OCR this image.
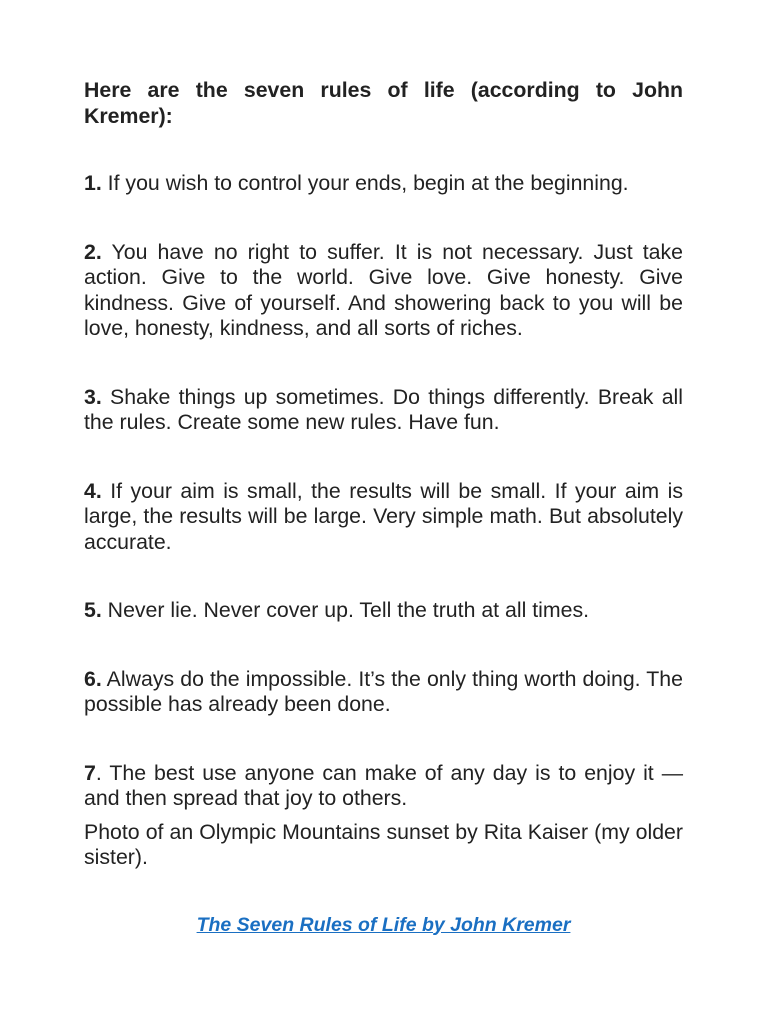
Here are the seven rules of life (according to John Kremer):

1. If you wish to control your ends, begin at the beginning.

2. You have no right to suffer. It is not necessary. Just take action. Give to the world. Give love. Give honesty. Give kindness. Give of yourself. And showering back to you will be love, honesty, kindness, and all sorts of riches.

3. Shake things up sometimes. Do things differently. Break all the rules. Create some new rules. Have fun.

4. If your aim is small, the results will be small. If your aim is large, the results will be large. Very simple math. But absolutely accurate.

5. Never lie. Never cover up. Tell the truth at all times.

6. Always do the impossible. It’s the only thing worth doing. The possible has already been done.

7. The best use anyone can make of any day is to enjoy it —and then spread that joy to others.

Photo of an Olympic Mountains sunset by Rita Kaiser (my older sister).

The Seven Rules of Life by John Kremer
